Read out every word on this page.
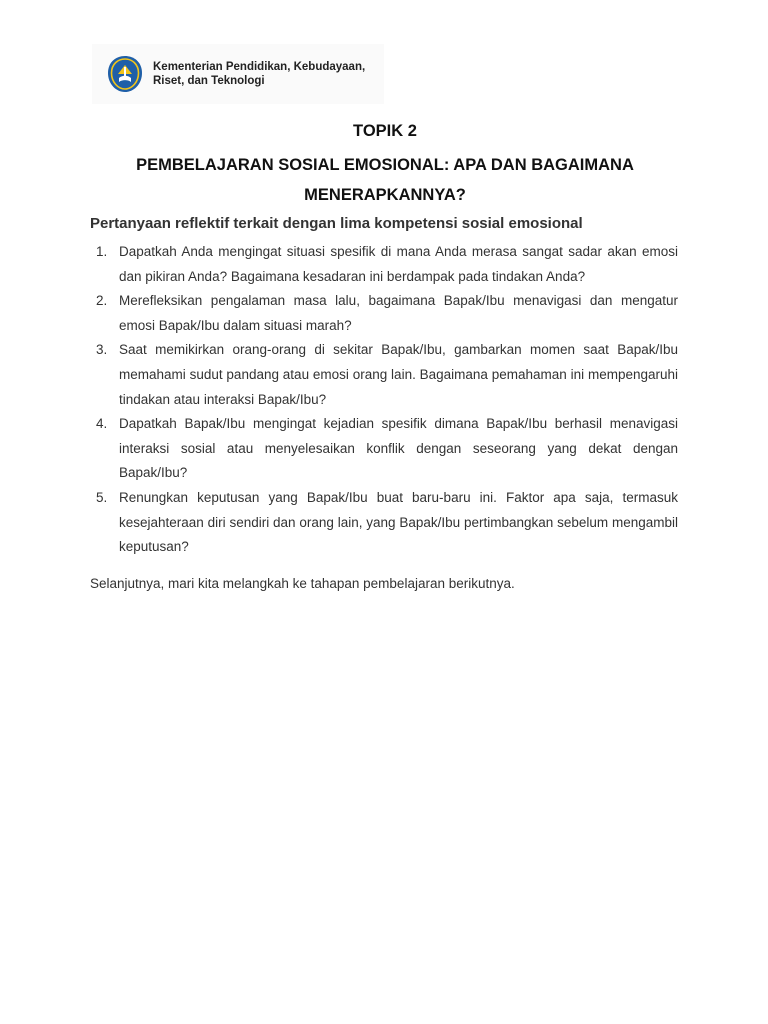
Kementerian Pendidikan, Kebudayaan,
Riset, dan Teknologi
TOPIK 2
PEMBELAJARAN SOSIAL EMOSIONAL: APA DAN BAGAIMANA MENERAPKANNYA?
Pertanyaan reflektif terkait dengan lima kompetensi sosial emosional
1. Dapatkah Anda mengingat situasi spesifik di mana Anda merasa sangat sadar akan emosi dan pikiran Anda? Bagaimana kesadaran ini berdampak pada tindakan Anda?
2. Merefleksikan pengalaman masa lalu, bagaimana Bapak/Ibu menavigasi dan mengatur emosi Bapak/Ibu dalam situasi marah?
3. Saat memikirkan orang-orang di sekitar Bapak/Ibu, gambarkan momen saat Bapak/Ibu memahami sudut pandang atau emosi orang lain. Bagaimana pemahaman ini mempengaruhi tindakan atau interaksi Bapak/Ibu?
4. Dapatkah Bapak/Ibu mengingat kejadian spesifik dimana Bapak/Ibu berhasil menavigasi interaksi sosial atau menyelesaikan konflik dengan seseorang yang dekat dengan Bapak/Ibu?
5. Renungkan keputusan yang Bapak/Ibu buat baru-baru ini. Faktor apa saja, termasuk kesejahteraan diri sendiri dan orang lain, yang Bapak/Ibu pertimbangkan sebelum mengambil keputusan?
Selanjutnya, mari kita melangkah ke tahapan pembelajaran berikutnya.
